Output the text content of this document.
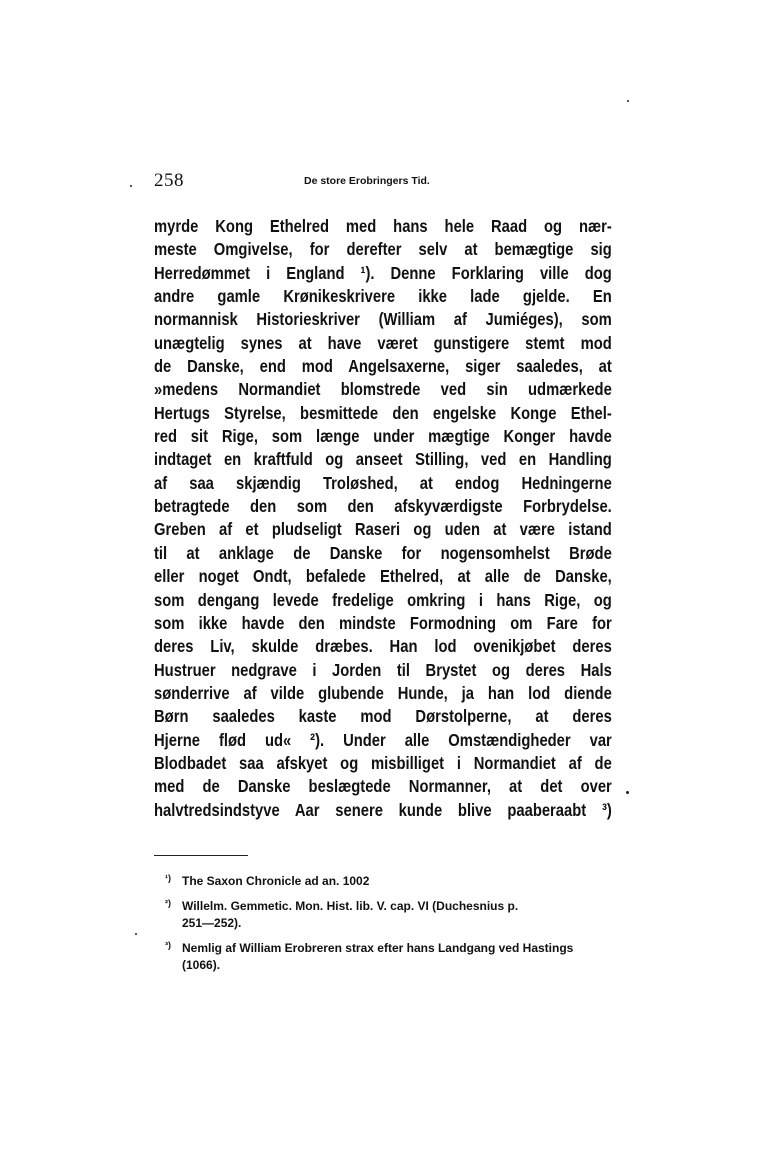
258	De store Erobringers Tid.
myrde Kong Ethelred med hans hele Raad og nær-
meste Omgivelse, for derefter selv at bemægtige sig
Herredømmet i England ¹). Denne Forklaring ville dog
andre gamle Krønikeskrivere ikke lade gjelde. En
normannisk Historieskriver (William af Jumiéges), som
unægtelig synes at have været gunstigere stemt mod
de Danske, end mod Angelsaxerne, siger saaledes, at
»medens Normandiet blomstrede ved sin udmærkede
Hertugs Styrelse, besmittede den engelske Konge Ethel-
red sit Rige, som længe under mægtige Konger havde
indtaget en kraftfuld og anseet Stilling, ved en Handling
af saa skjændig Troløshed, at endog Hedningerne
betragtede den som den afskyværdigste Forbrydelse.
Greben af et pludseligt Raseri og uden at være istand
til at anklage de Danske for nogensomhelst Brøde
eller noget Ondt, befalede Ethelred, at alle de Danske,
som dengang levede fredelige omkring i hans Rige, og
som ikke havde den mindste Formodning om Fare for
deres Liv, skulde dræbes. Han lod ovenikjøbet deres
Hustruer nedgrave i Jorden til Brystet og deres Hals
sønderrive af vilde glubende Hunde, ja han lod diende
Børn saaledes kaste mod Dørstolperne, at deres
Hjerne flød ud« ²). Under alle Omstændigheder var
Blodbadet saa afskyet og misbilliget i Normandiet af de
med de Danske beslægtede Normanner, at det over
halvtredsindstyve Aar senere kunde blive paaberaabt ³)
¹) The Saxon Chronicle ad an. 1002
²) Willelm. Gemmetic. Mon. Hist. lib. V. cap. VI (Duchesnius p.
251—252).
³) Nemlig af William Erobreren strax efter hans Landgang ved Hastings
(1066).
